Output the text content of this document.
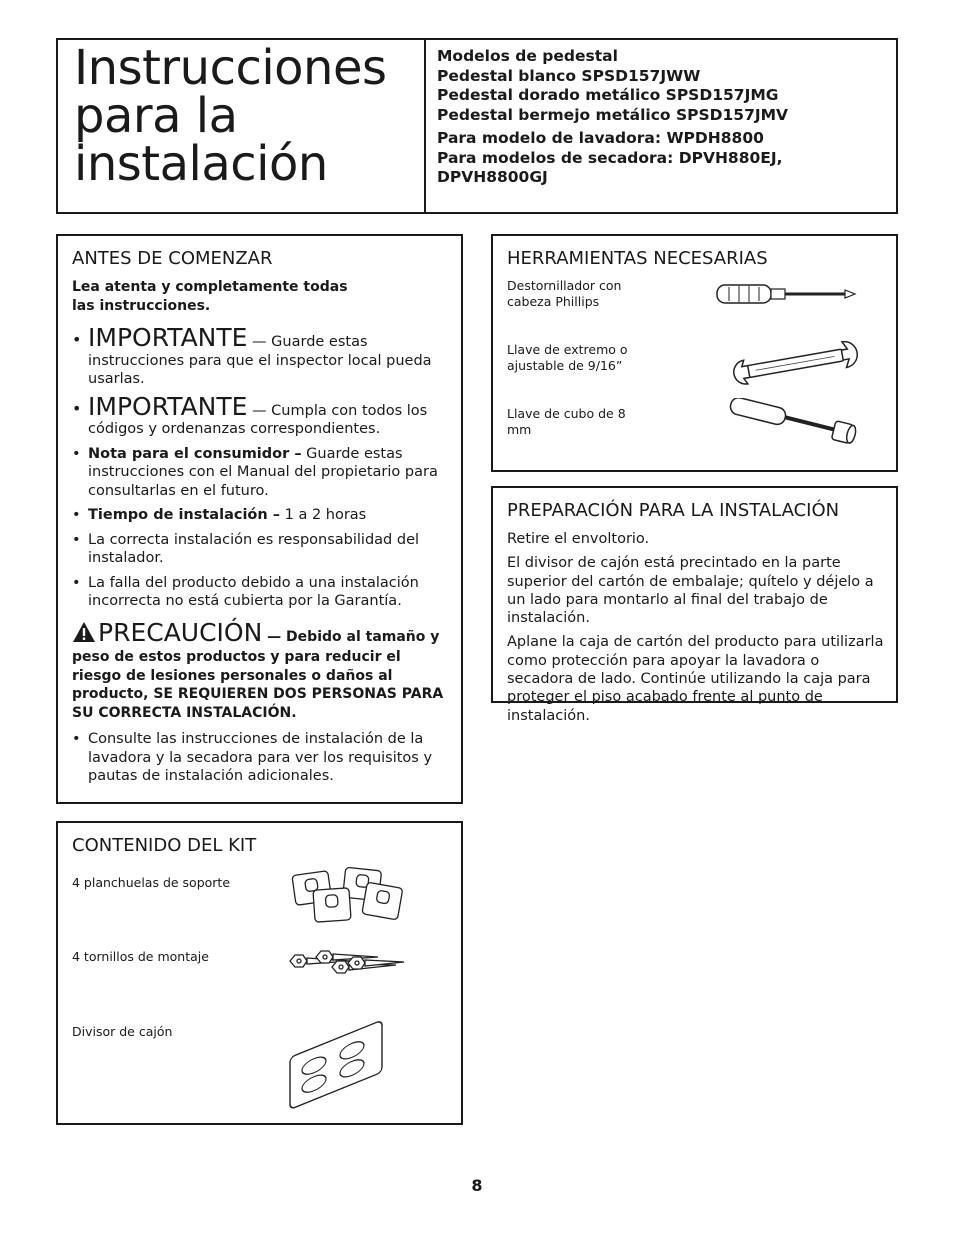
Instrucciones
para la
instalación
Modelos de pedestal
Pedestal blanco SPSD157JWW
Pedestal dorado metálico SPSD157JMG
Pedestal bermejo metálico SPSD157JMV
Para modelo de lavadora: WPDH8800
Para modelos de secadora: DPVH880EJ, DPVH8800GJ
ANTES DE COMENZAR
Lea atenta y completamente todas las instrucciones.
• IMPORTANTE — Guarde estas instrucciones para que el inspector local pueda usarlas.
• IMPORTANTE — Cumpla con todos los códigos y ordenanzas correspondientes.
• Nota para el consumidor – Guarde estas instrucciones con el Manual del propietario para consultarlas en el futuro.
• Tiempo de instalación – 1 a 2 horas
• La correcta instalación es responsabilidad del instalador.
• La falla del producto debido a una instalación incorrecta no está cubierta por la Garantía.
PRECAUCIÓN — Debido al tamaño y peso de estos productos y para reducir el riesgo de lesiones personales o daños al producto, SE REQUIEREN DOS PERSONAS PARA SU CORRECTA INSTALACIÓN.
• Consulte las instrucciones de instalación de la lavadora y la secadora para ver los requisitos y pautas de instalación adicionales.
HERRAMIENTAS NECESARIAS
Destornillador con cabeza Phillips
Llave de extremo o ajustable de 9/16”
Llave de cubo de 8 mm
PREPARACIÓN PARA LA INSTALACIÓN

Retire el envoltorio.

El divisor de cajón está precintado en la parte superior del cartón de embalaje; quítelo y déjelo a un lado para montarlo al final del trabajo de instalación.

Aplane la caja de cartón del producto para utilizarla como protección para apoyar la lavadora o secadora de lado. Continúe utilizando la caja para proteger el piso acabado frente al punto de instalación.

CONTENIDO DEL KIT
4 planchuelas de soporte
4 tornillos de montaje
Divisor de cajón
8
